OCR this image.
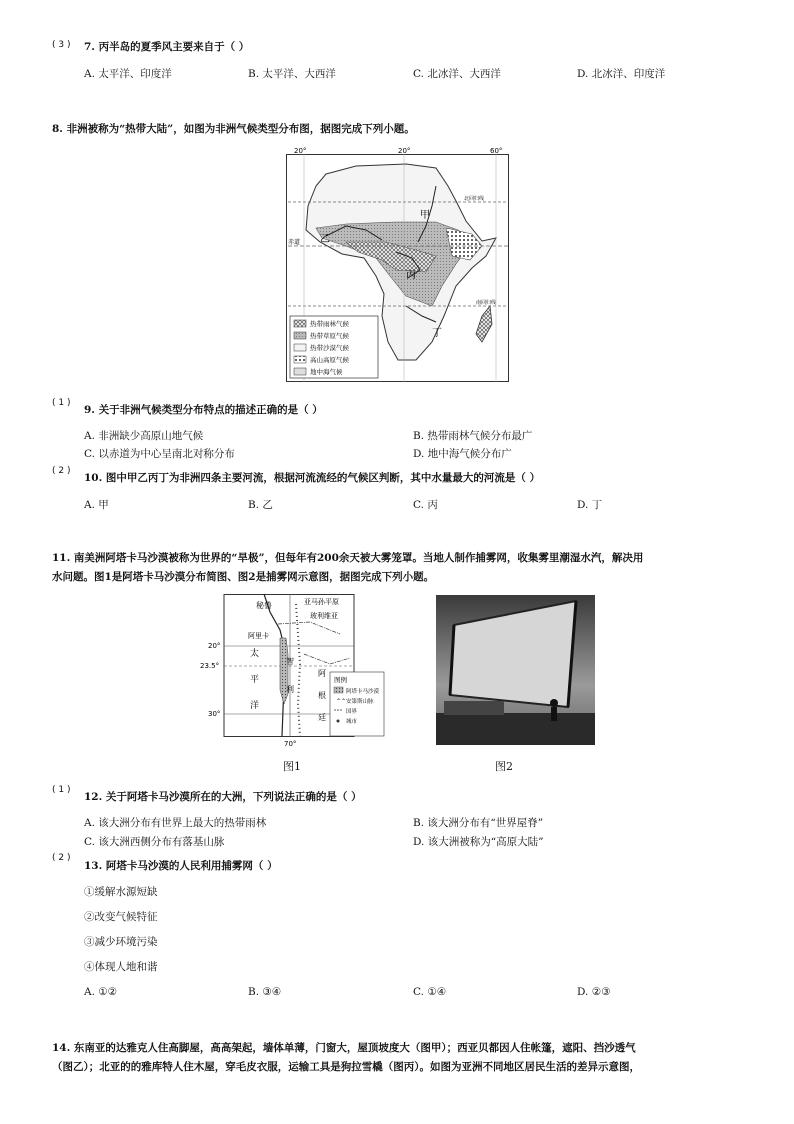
( 3 ) 7. 丙半岛的夏季风主要来自于（ ）
A. 太平洋、印度洋	B. 太平洋、大西洋	C. 北冰洋、大西洋	D. 北冰洋、印度洋
8. 非洲被称为“热带大陆”，如图为非洲气候类型分布图，据图完成下列小题。
20°	20°	60°
赤道
北回归线
南回归线
甲
乙
丙
丁
热带雨林气候
热带草原气候
热带沙漠气候
高山高原气候
地中海气候
( 1 )
9. 关于非洲气候类型分布特点的描述正确的是（ ）
A. 非洲缺少高原山地气候	B. 热带雨林气候分布最广
C. 以赤道为中心呈南北对称分布	D. 地中海气候分布广
( 2 )
10. 图中甲乙丙丁为非洲四条主要河流，根据河流流经的气候区判断，其中水量最大的河流是（ ）
A. 甲	B. 乙	C. 丙	D. 丁
11. 南美洲阿塔卡马沙漠被称为世界的“旱极”，但每年有200余天被大雾笼罩。当地人制作捕雾网，收集雾里潮湿水汽，解决用
水问题。图1是阿塔卡马沙漠分布简图、图2是捕雾网示意图，据图完成下列小题。
秘鲁	亚马孙平原
玻利维亚
阿里卡
太
平
洋
智
利
阿
根
廷
20°
23.5°
30°
70°
图例
阿塔卡马沙漠
⌃⌃ 安第斯山脉
国界
城市
图1	图2
( 1 )
12. 关于阿塔卡马沙漠所在的大洲，下列说法正确的是（ ）
A. 该大洲分布有世界上最大的热带雨林	B. 该大洲分布有“世界屋脊”
C. 该大洲西侧分布有落基山脉	D. 该大洲被称为“高原大陆”
( 2 )
13. 阿塔卡马沙漠的人民利用捕雾网（ ）
①缓解水源短缺
②改变气候特征
③减少环境污染
④体现人地和谐
A. ①②	B. ③④	C. ①④	D. ②③
14. 东南亚的达雅克人住高脚屋，高高架起，墙体单薄，门窗大，屋顶坡度大（图甲）；西亚贝都因人住帐篷，遮阳、挡沙透气
（图乙）；北亚的的雅库特人住木屋，穿毛皮衣服，运输工具是狗拉雪橇（图丙）。如图为亚洲不同地区居民生活的差异示意图，
